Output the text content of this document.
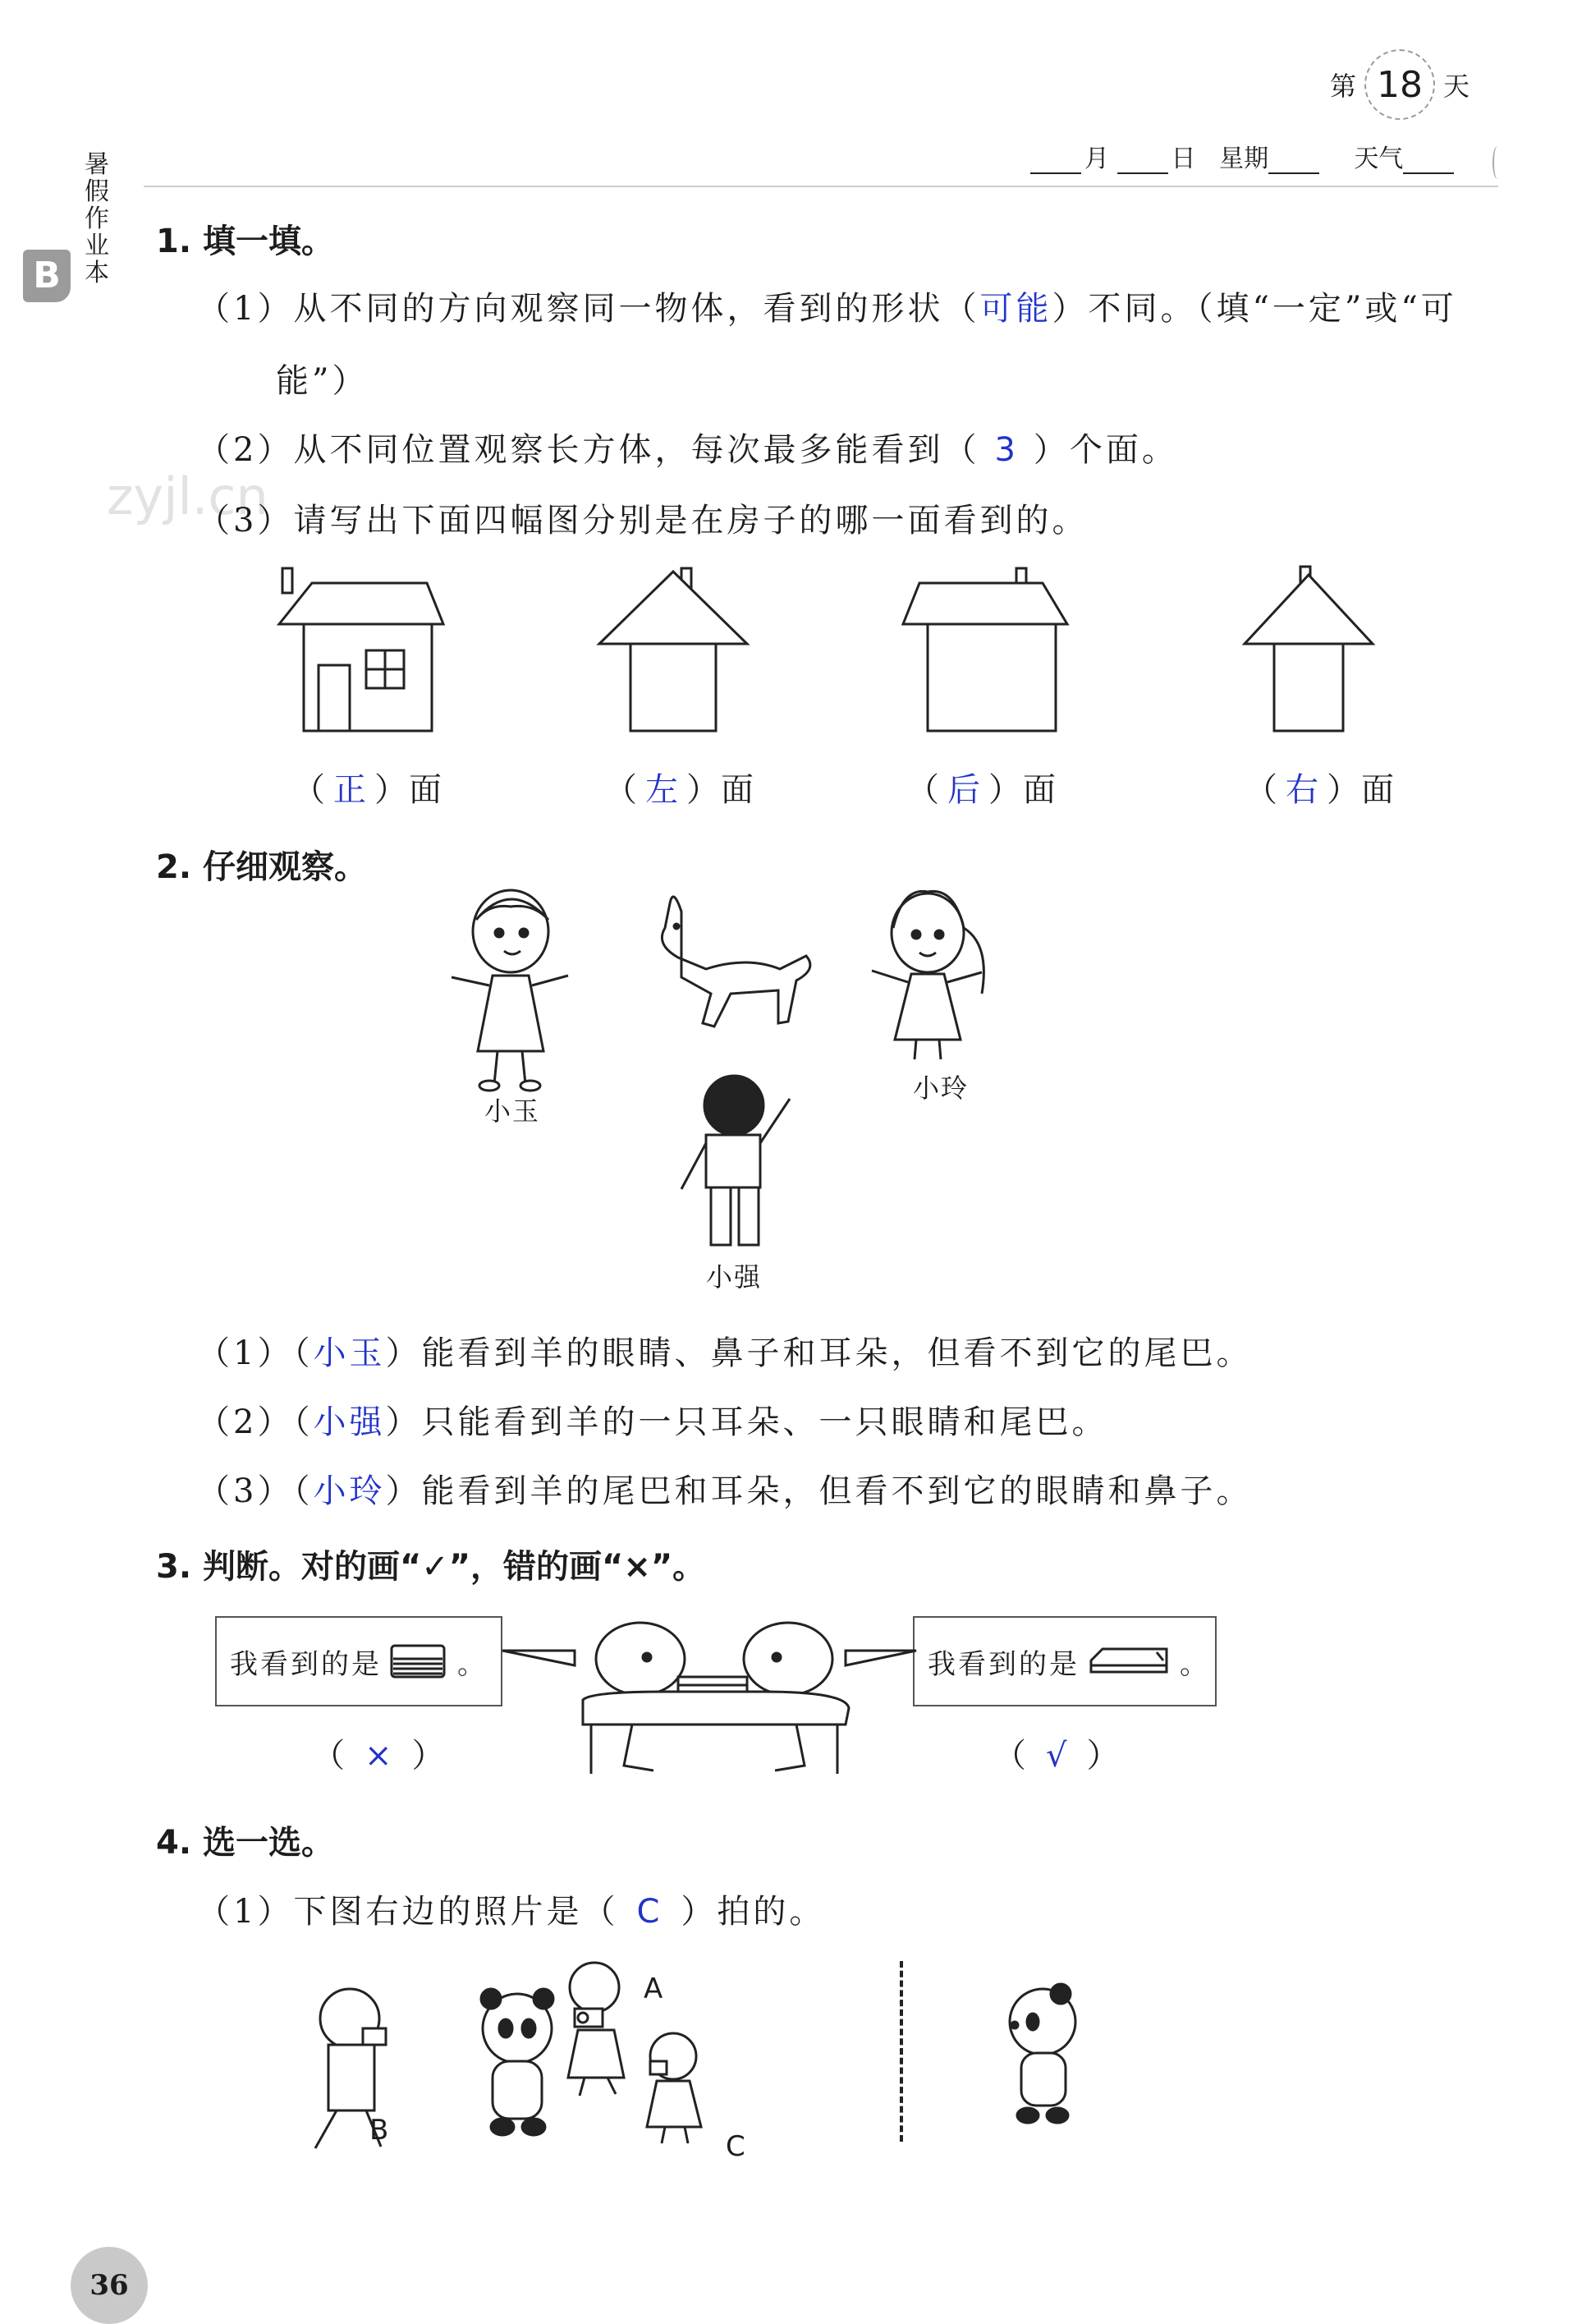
第 18 天
月	日 星期	天气
暑假作业本
B
zyjl.cn
1. 填一填。
（1）从不同的方向观察同一物体，看到的形状（可能）不同。（填“一定”或“可
能”）
（2）从不同位置观察长方体，每次最多能看到（ 3 ）个面。
（3）请写出下面四幅图分别是在房子的哪一面看到的。
（ 正 ）面	（ 左 ）面	（ 后 ）面	（ 右 ）面
2. 仔细观察。
小玉
小玲
小强
（1）（小玉）能看到羊的眼睛、鼻子和耳朵，但看不到它的尾巴。
（2）（小强）只能看到羊的一只耳朵、一只眼睛和尾巴。
（3）（小玲）能看到羊的尾巴和耳朵，但看不到它的眼睛和鼻子。
3. 判断。对的画“✓”，错的画“×”。
我看到的是	。	我看到的是	。
（ × ）	（ √ ）
4. 选一选。
（1）下图右边的照片是（ C ）拍的。
A
B	C
36
